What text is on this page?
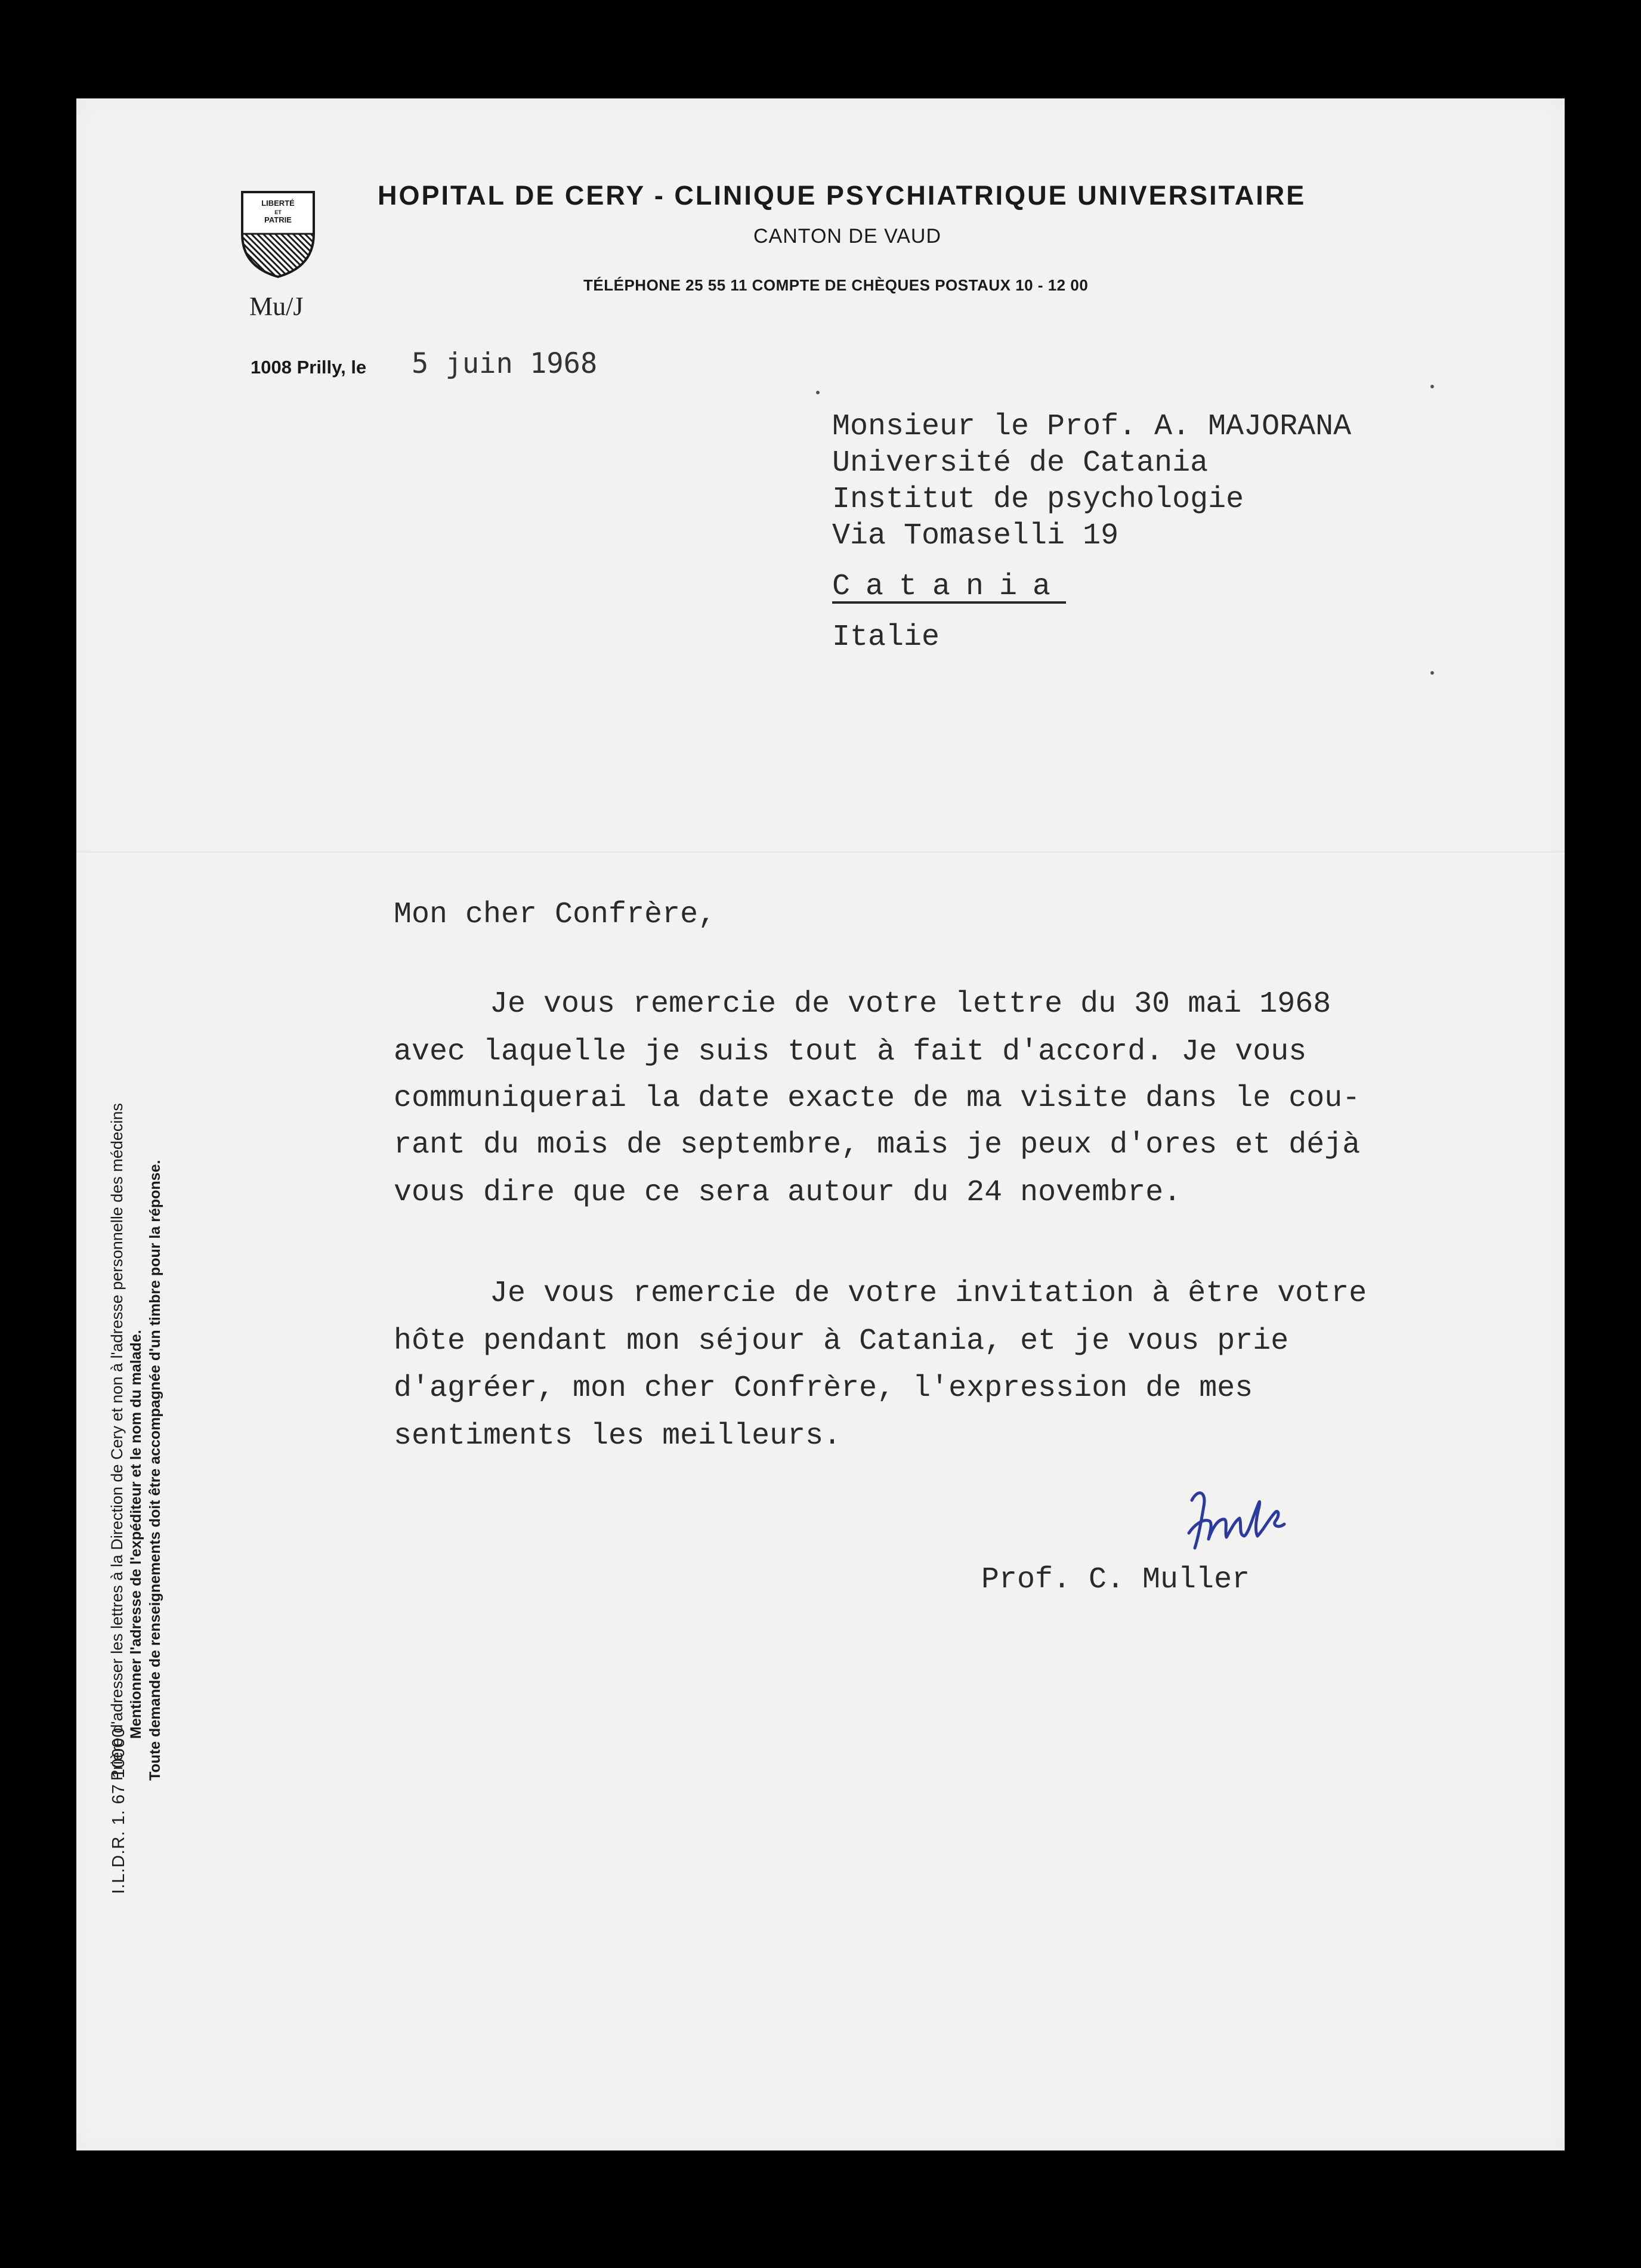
LIBERTÉ
ET
PATRIE
HOPITAL DE CERY - CLINIQUE PSYCHIATRIQUE UNIVERSITAIRE
CANTON DE VAUD
TÉLÉPHONE 25 55 11 COMPTE DE CHÈQUES POSTAUX 10 - 12 00
Mu/J
1008 Prilly, le 5 juin 1968
Monsieur le Prof. A. MAJORANA
Université de Catania
Institut de psychologie
Via Tomaselli 19
Catania
Italie
Mon cher Confrère,
Je vous remercie de votre lettre du 30 mai 1968
avec laquelle je suis tout à fait d'accord. Je vous
communiquerai la date exacte de ma visite dans le cou-
rant du mois de septembre, mais je peux d'ores et déjà
vous dire que ce sera autour du 24 novembre.
Je vous remercie de votre invitation à être votre
hôte pendant mon séjour à Catania, et je vous prie
d'agréer, mon cher Confrère, l'expression de mes
sentiments les meilleurs.
Prof. C. Muller
I.L.D.R. 1. 67 10000
Prière d'adresser les lettres à la Direction de Cery et non à l'adresse personnelle des médecins Mentionner l'adresse de l'expéditeur et le nom du malade. Toute demande de renseignements doit être accompagnée d'un timbre pour la réponse.
